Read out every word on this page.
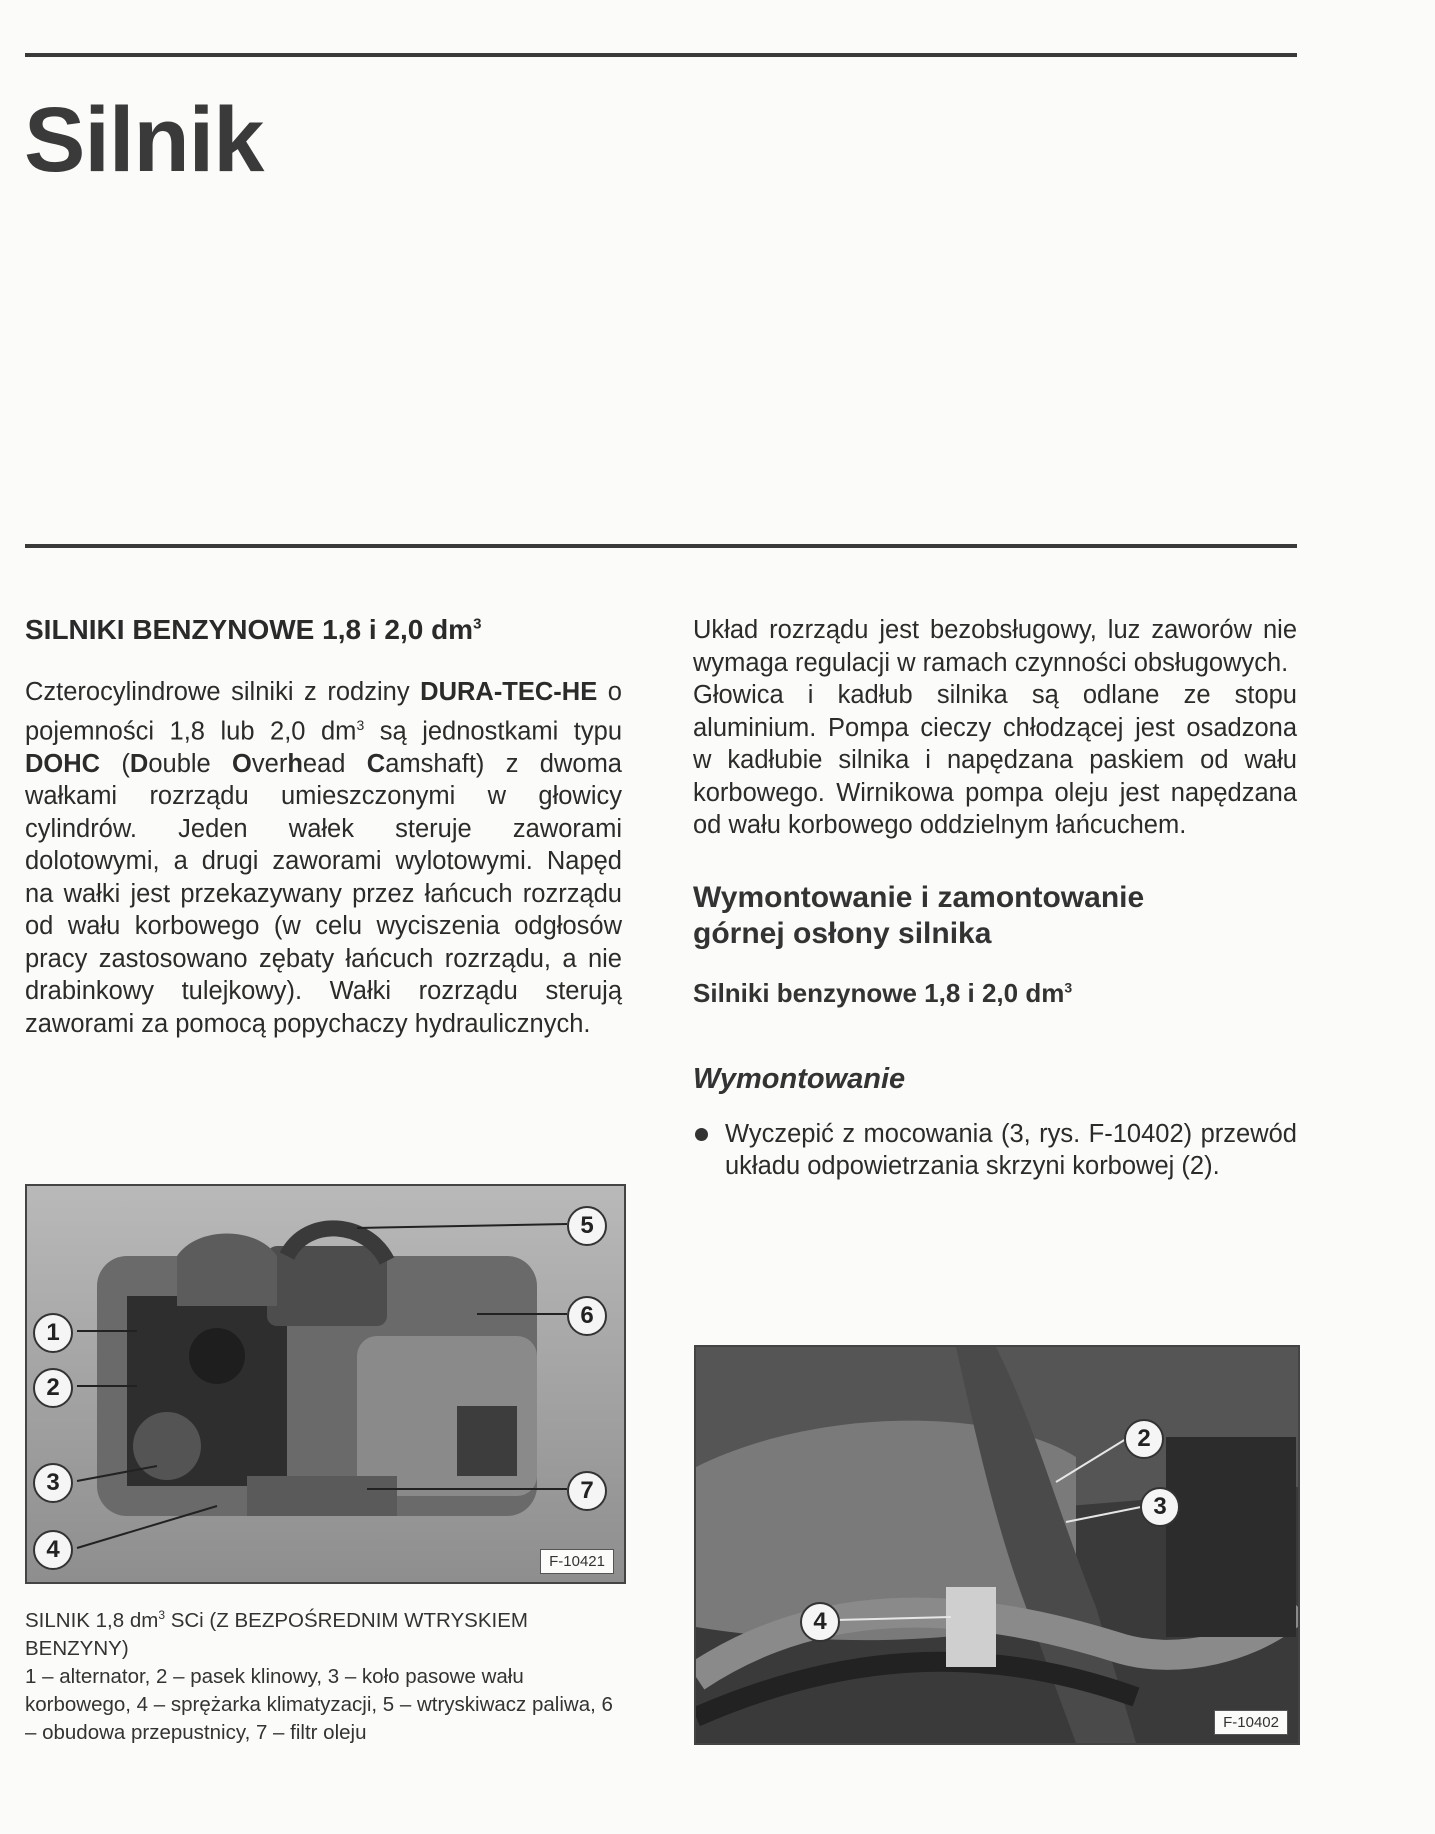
Silnik
SILNIKI BENZYNOWE 1,8 i 2,0 $dm^3$

Czterocylindrowe silniki z rodziny DURA-TEC-HE o pojemności 1,8 lub 2,0 $dm^3$ są jednostkami typu DOHC (Double Overhead Camshaft) z dwoma wałkami rozrządu umieszczonymi w głowicy cylindrów. Jeden wałek steruje zaworami dolotowymi, a drugi zaworami wylotowymi. Napęd na wałki jest przekazywany przez łańcuch rozrządu od wału korbowego (w celu wyciszenia odgłosów pracy zastosowano zębaty łańcuch rozrządu, a nie drabinkowy tulejkowy). Wałki rozrządu sterują zaworami za pomocą popychaczy hydraulicznych.

Układ rozrządu jest bezobsługowy, luz zaworów nie wymaga regulacji w ramach czynności obsługowych.

Głowica i kadłub silnika są odlane ze stopu aluminium. Pompa cieczy chłodzącej jest osadzona w kadłubie silnika i napędzana paskiem od wału korbowego. Wirnikowa pompa oleju jest napędzana od wału korbowego oddzielnym łańcuchem.

Wymontowanie i zamontowanie
górnej osłony silnika
Silniki benzynowe 1,8 i 2,0 $dm^3$
Wymontowanie
Wyczepić z mocowania (3, rys. F-10402) przewód układu odpowietrzania skrzyni korbowej (2).
1
2
3
4
5
6
7
F-10421
SILNIK 1,8 $dm^3$ SCi (Z BEZPOŚREDNIM WTRYSKIEM BENZYNY)
1 – alternator, 2 – pasek klinowy, 3 – koło pasowe wału korbowego, 4 – sprężarka klimatyzacji, 5 – wtryskiwacz paliwa, 6 – obudowa przepustnicy, 7 – filtr oleju
2
3
4
F-10402
